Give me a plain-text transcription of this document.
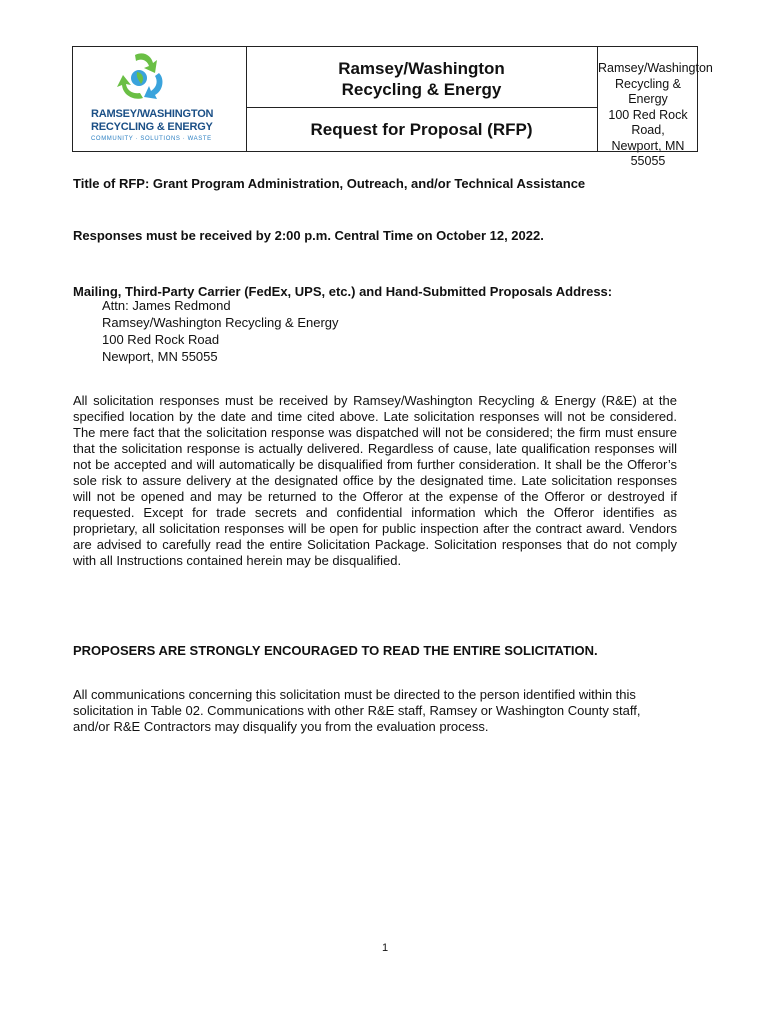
RAMSEY/WASHINGTON
RECYCLING & ENERGY
COMMUNITY · SOLUTIONS · WASTE
Ramsey/Washington
Recycling & Energy
Request for Proposal (RFP)
Ramsey/Washington
Recycling & Energy
100 Red Rock Road,
Newport, MN 55055
Title of RFP: Grant Program Administration, Outreach, and/or Technical Assistance
Responses must be received by 2:00 p.m. Central Time on October 12, 2022.
Mailing, Third-Party Carrier (FedEx, UPS, etc.) and Hand-Submitted Proposals Address:
Attn: James Redmond
Ramsey/Washington Recycling & Energy
100 Red Rock Road
Newport, MN 55055
All solicitation responses must be received by Ramsey/Washington Recycling & Energy (R&E) at the specified location by the date and time cited above. Late solicitation responses will not be considered. The mere fact that the solicitation response was dispatched will not be considered; the firm must ensure that the solicitation response is actually delivered. Regardless of cause, late qualification responses will not be accepted and will automatically be disqualified from further consideration. It shall be the Offeror’s sole risk to assure delivery at the designated office by the designated time. Late solicitation responses will not be opened and may be returned to the Offeror at the expense of the Offeror or destroyed if requested. Except for trade secrets and confidential information which the Offeror identifies as proprietary, all solicitation responses will be open for public inspection after the contract award. Vendors are advised to carefully read the entire Solicitation Package. Solicitation responses that do not comply with all Instructions contained herein may be disqualified.
PROPOSERS ARE STRONGLY ENCOURAGED TO READ THE ENTIRE SOLICITATION.
All communications concerning this solicitation must be directed to the person identified within this solicitation in Table 02. Communications with other R&E staff, Ramsey or Washington County staff, and/or R&E Contractors may disqualify you from the evaluation process.
1
